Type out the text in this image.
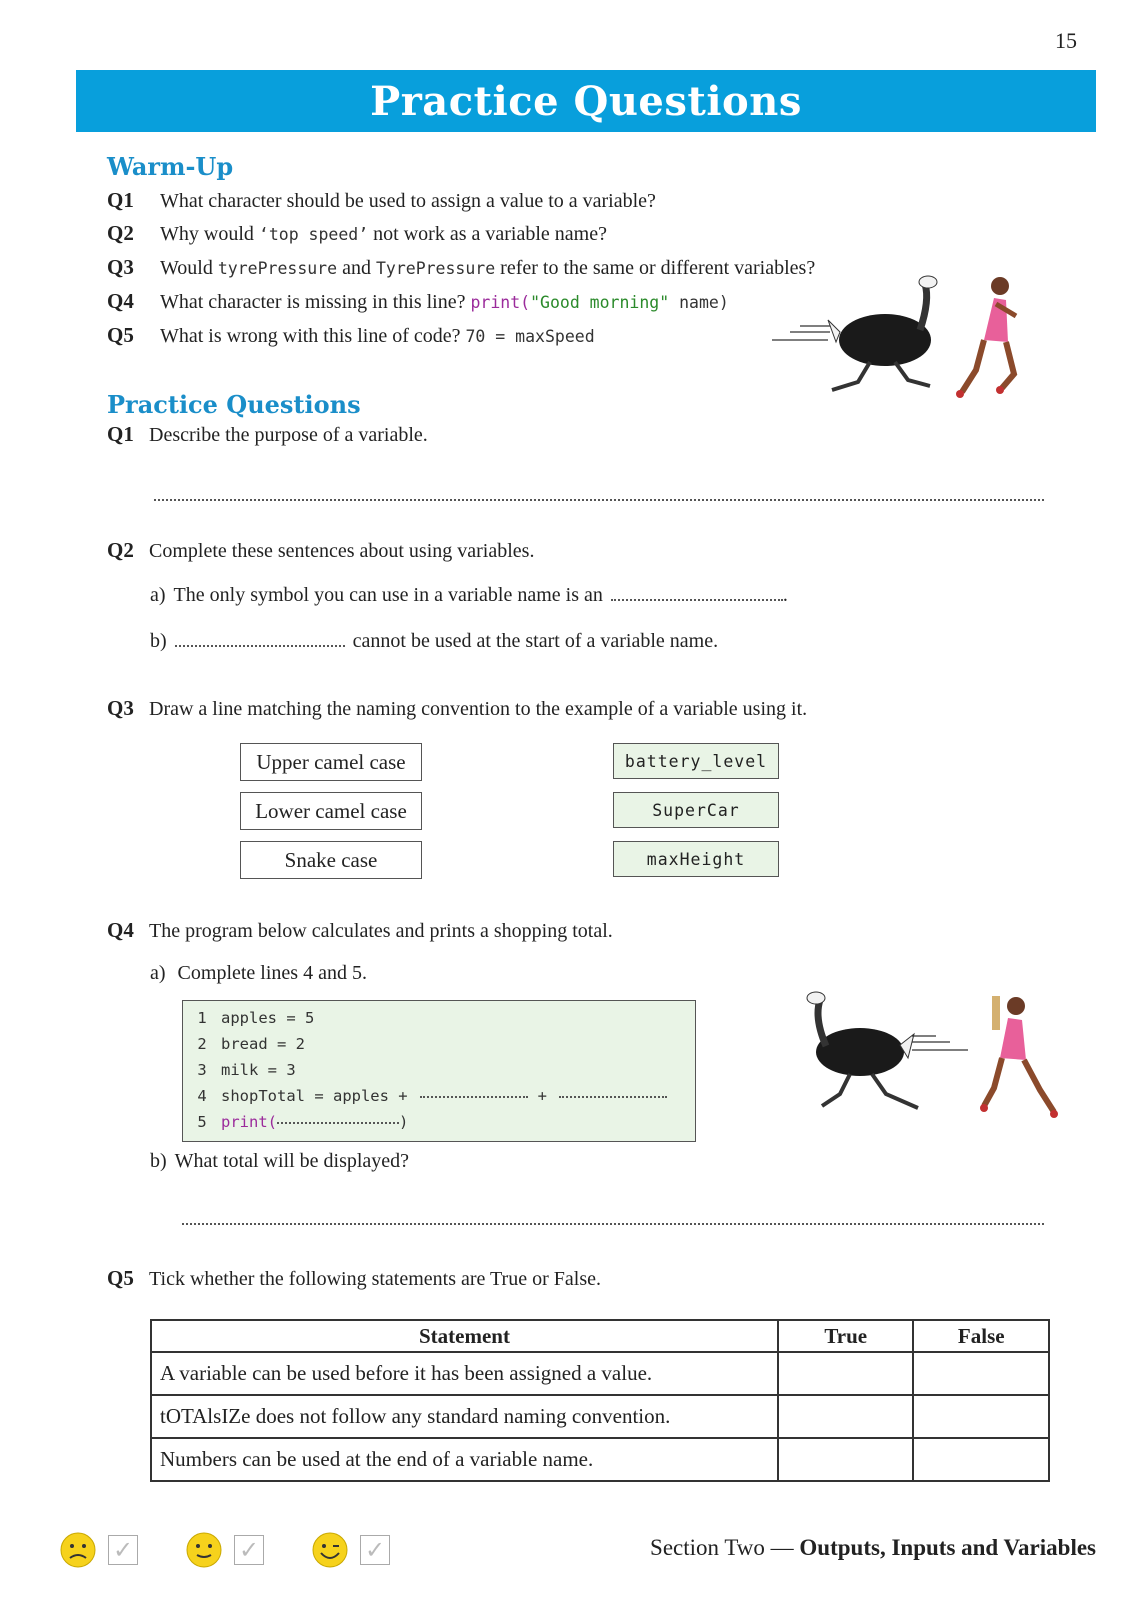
15
Practice Questions
Warm-Up
Q1	What character should be used to assign a value to a variable?
Q2	Why would ‘top speed’ not work as a variable name?
Q3	Would tyrePressure and TyrePressure refer to the same or different variables?
Q4	What character is missing in this line? print("Good morning" name)
Q5	What is wrong with this line of code? 70 = maxSpeed
Practice Questions
Q1 Describe the purpose of a variable.
Q2 Complete these sentences about using variables.
a) The only symbol you can use in a variable name is an	.
b)	cannot be used at the start of a variable name.
Q3 Draw a line matching the naming convention to the example of a variable using it.
Upper camel case
Lower camel case
Snake case
battery_level
SuperCar
maxHeight
Q4 The program below calculates and prints a shopping total.
a) Complete lines 4 and 5.
1 apples = 5
2 bread = 2
3 milk = 3
4 shopTotal = apples +	+
5 print(	)
b) What total will be displayed?
Q5 Tick whether the following statements are True or False.
Statement	True	False
A variable can be used before it has been assigned a value.		
tOTAlsIZe does not follow any standard naming convention.		
Numbers can be used at the end of a variable name.		
✓	✓	✓	Section Two — Outputs, Inputs and Variables
